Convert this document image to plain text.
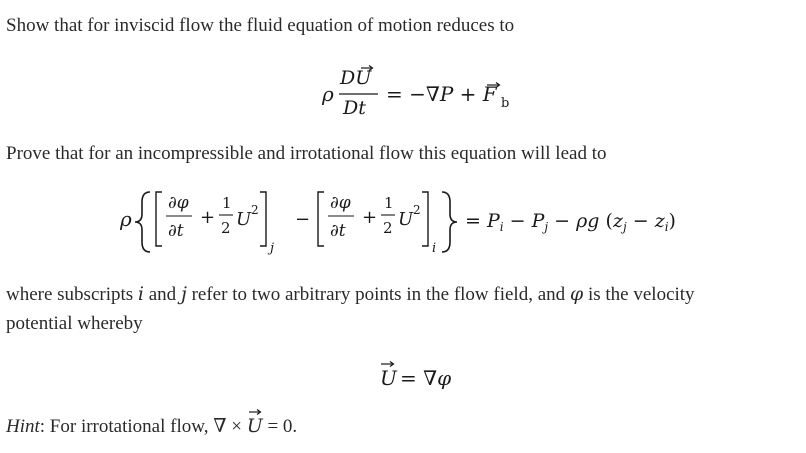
Show that for inviscid flow the fluid equation of motion reduces to
ρ
DU
Dt
= −∇P + F b
Prove that for an incompressible and irrotational flow this equation will lead to
ρ
∂φ
∂t
+
1
2 U 2
j
−
∂φ
∂t
+
1
2 U 2
i
= $P_i - P_j - \rho g$ $(z_j - z_i)$
where subscripts i and j refer to two arbitrary points in the flow field, and φ is the velocity
potential whereby
U = ∇φ
Hint: For irrotational flow, ∇ × U
= 0.
